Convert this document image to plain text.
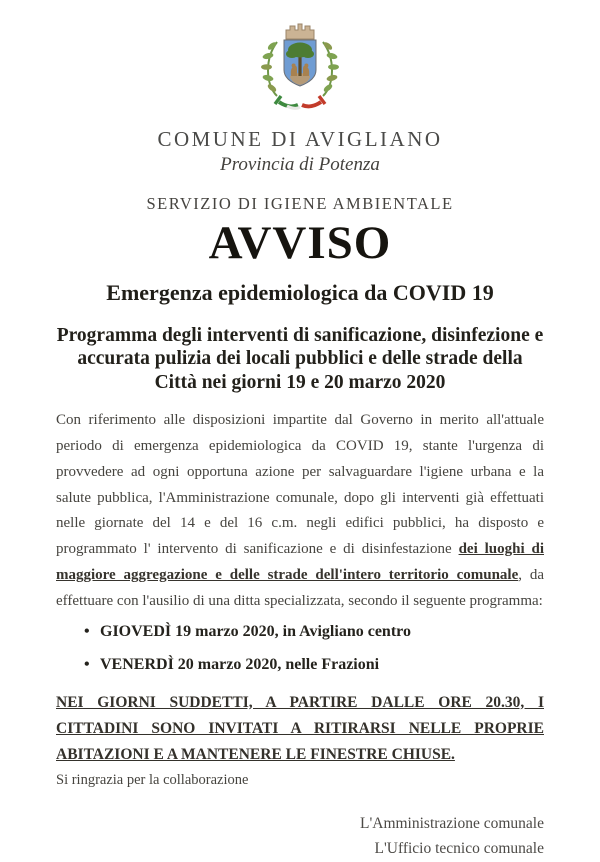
COMUNE DI AVIGLIANO
Provincia di Potenza
SERVIZIO DI IGIENE AMBIENTALE
AVVISO
Emergenza epidemiologica da COVID 19
Programma degli interventi di sanificazione, disinfezione e accurata pulizia dei locali pubblici e delle strade della Città nei giorni 19 e 20 marzo 2020

Con riferimento alle disposizioni impartite dal Governo in merito all'attuale periodo di emergenza epidemiologica da COVID 19, stante l'urgenza di provvedere ad ogni opportuna azione per salvaguardare l'igiene urbana e la salute pubblica, l'Amministrazione comunale, dopo gli interventi già effettuati nelle giornate del 14 e del 16 c.m. negli edifici pubblici, ha disposto e programmato l' intervento di sanificazione e di disinfestazione dei luoghi di maggiore aggregazione e delle strade dell'intero territorio comunale, da effettuare con l'ausilio di una ditta specializzata, secondo il seguente programma:

• GIOVEDÌ 19 marzo 2020, in Avigliano centro
• VENERDÌ 20 marzo 2020, nelle Frazioni

NEI GIORNI SUDDETTI, A PARTIRE DALLE ORE 20.30, I CITTADINI SONO INVITATI A RITIRARSI NELLE PROPRIE ABITAZIONI E A MANTENERE LE FINESTRE CHIUSE.

Si ringrazia per la collaborazione

L'Amministrazione comunale
L'Ufficio tecnico comunale
